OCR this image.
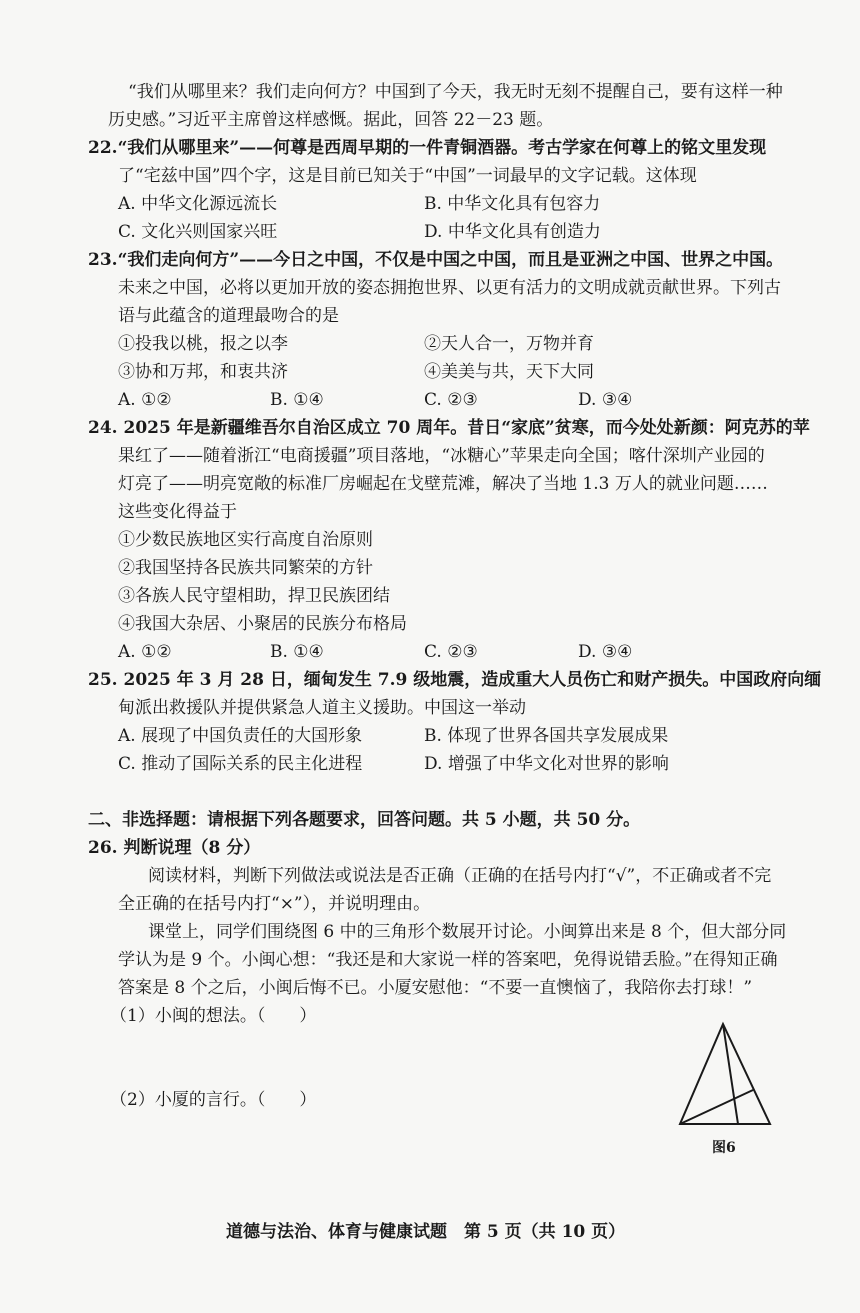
“我们从哪里来？我们走向何方？中国到了今天，我无时无刻不提醒自己，要有这样一种
历史感。”习近平主席曾这样感慨。据此，回答 22－23 题。
22.“我们从哪里来”——何尊是西周早期的一件青铜酒器。考古学家在何尊上的铭文里发现
了“宅兹中国”四个字，这是目前已知关于“中国”一词最早的文字记载。这体现
A. 中华文化源远流长	B. 中华文化具有包容力
C. 文化兴则国家兴旺	D. 中华文化具有创造力
23.“我们走向何方”——今日之中国，不仅是中国之中国，而且是亚洲之中国、世界之中国。
未来之中国，必将以更加开放的姿态拥抱世界、以更有活力的文明成就贡献世界。下列古
语与此蕴含的道理最吻合的是
①投我以桃，报之以李	②天人合一，万物并育
③协和万邦，和衷共济	④美美与共，天下大同
A. ①②	B. ①④	C. ②③	D. ③④
24. 2025 年是新疆维吾尔自治区成立 70 周年。昔日“家底”贫寒，而今处处新颜：阿克苏的苹
果红了——随着浙江“电商援疆”项目落地，“冰糖心”苹果走向全国；喀什深圳产业园的
灯亮了——明亮宽敞的标准厂房崛起在戈壁荒滩，解决了当地 1.3 万人的就业问题……
这些变化得益于
①少数民族地区实行高度自治原则
②我国坚持各民族共同繁荣的方针
③各族人民守望相助，捍卫民族团结
④我国大杂居、小聚居的民族分布格局
A. ①②	B. ①④	C. ②③	D. ③④
25. 2025 年 3 月 28 日，缅甸发生 7.9 级地震，造成重大人员伤亡和财产损失。中国政府向缅
甸派出救援队并提供紧急人道主义援助。中国这一举动
A. 展现了中国负责任的大国形象	B. 体现了世界各国共享发展成果
C. 推动了国际关系的民主化进程	D. 增强了中华文化对世界的影响
二、非选择题：请根据下列各题要求，回答问题。共 5 小题，共 50 分。
26. 判断说理（8 分）
阅读材料，判断下列做法或说法是否正确（正确的在括号内打“√”，不正确或者不完
全正确的在括号内打“×”），并说明理由。
课堂上，同学们围绕图 6 中的三角形个数展开讨论。小闽算出来是 8 个，但大部分同
学认为是 9 个。小闽心想：“我还是和大家说一样的答案吧，免得说错丢脸。”在得知正确
答案是 8 个之后，小闽后悔不已。小厦安慰他：“不要一直懊恼了，我陪你去打球！”
（1）小闽的想法。（　　）
（2）小厦的言行。（　　）
图6
道德与法治、体育与健康试题　第 5 页（共 10 页）
